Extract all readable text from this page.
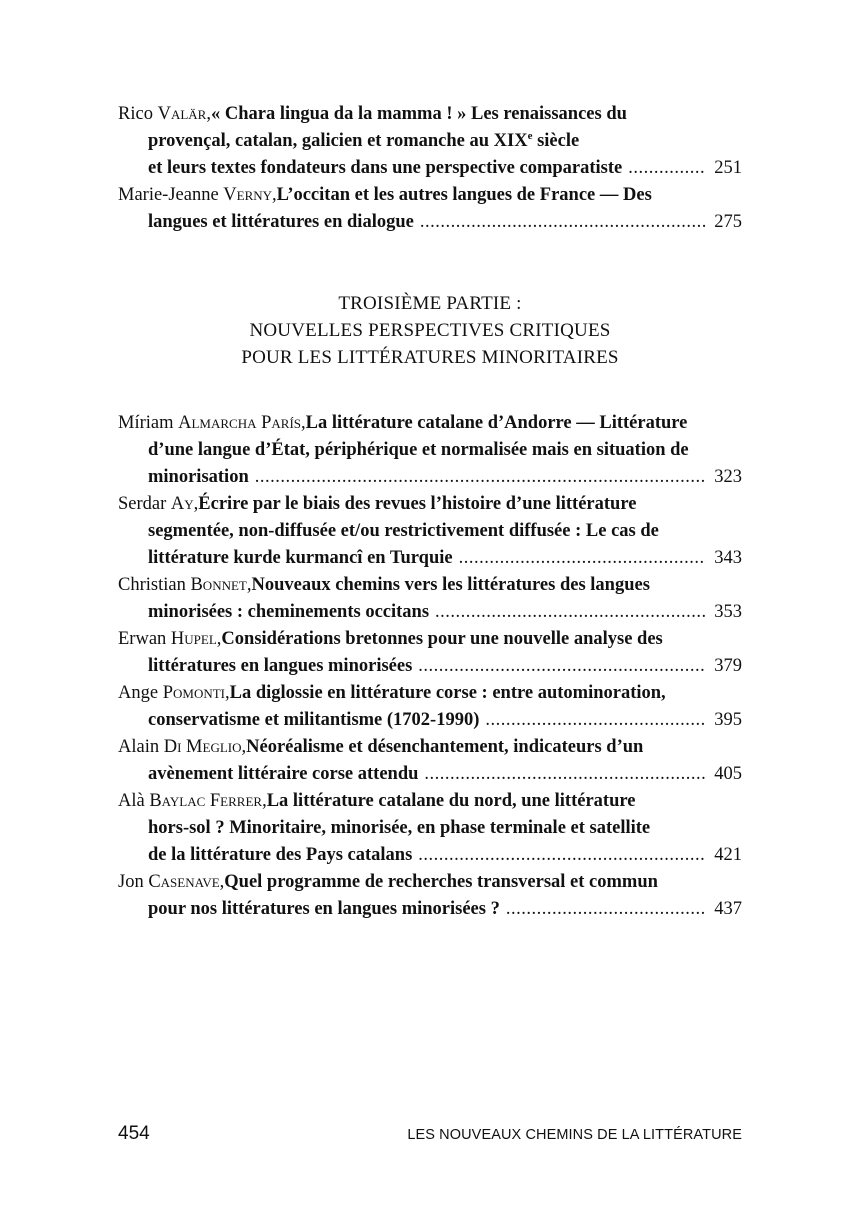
Rico Valär, « Chara lingua da la mamma ! » Les renaissances du
provençal, catalan, galicien et romanche au XIXe siècle
et leurs textes fondateurs dans une perspective comparatiste .....	251
Marie-Jeanne Verny, L’occitan et les autres langues de France — Des
langues et littératures en dialogue .....	275
TROISIÈME PARTIE :
NOUVELLES PERSPECTIVES CRITIQUES
POUR LES LITTÉRATURES MINORITAIRES
Míriam Almarcha París, La littérature catalane d’Andorre — Littérature
d’une langue d’État, périphérique et normalisée mais en situation de
minorisation .....	323
Serdar Ay, Écrire par le biais des revues l’histoire d’une littérature
segmentée, non-diffusée et/ou restrictivement diffusée : Le cas de
littérature kurde kurmancî en Turquie .....	343
Christian Bonnet, Nouveaux chemins vers les littératures des langues
minorisées : cheminements occitans .....	353
Erwan Hupel, Considérations bretonnes pour une nouvelle analyse des
littératures en langues minorisées .....	379
Ange Pomonti, La diglossie en littérature corse : entre autominoration,
conservatisme et militantisme (1702-1990) .....	395
Alain Di Meglio, Néoréalisme et désenchantement, indicateurs d’un
avènement littéraire corse attendu .....	405
Alà Baylac Ferrer, La littérature catalane du nord, une littérature
hors-sol ? Minoritaire, minorisée, en phase terminale et satellite
de la littérature des Pays catalans .....	421
Jon Casenave, Quel programme de recherches transversal et commun
pour nos littératures en langues minorisées ? .....	437
454	LES NOUVEAUX CHEMINS DE LA LITTÉRATURE
